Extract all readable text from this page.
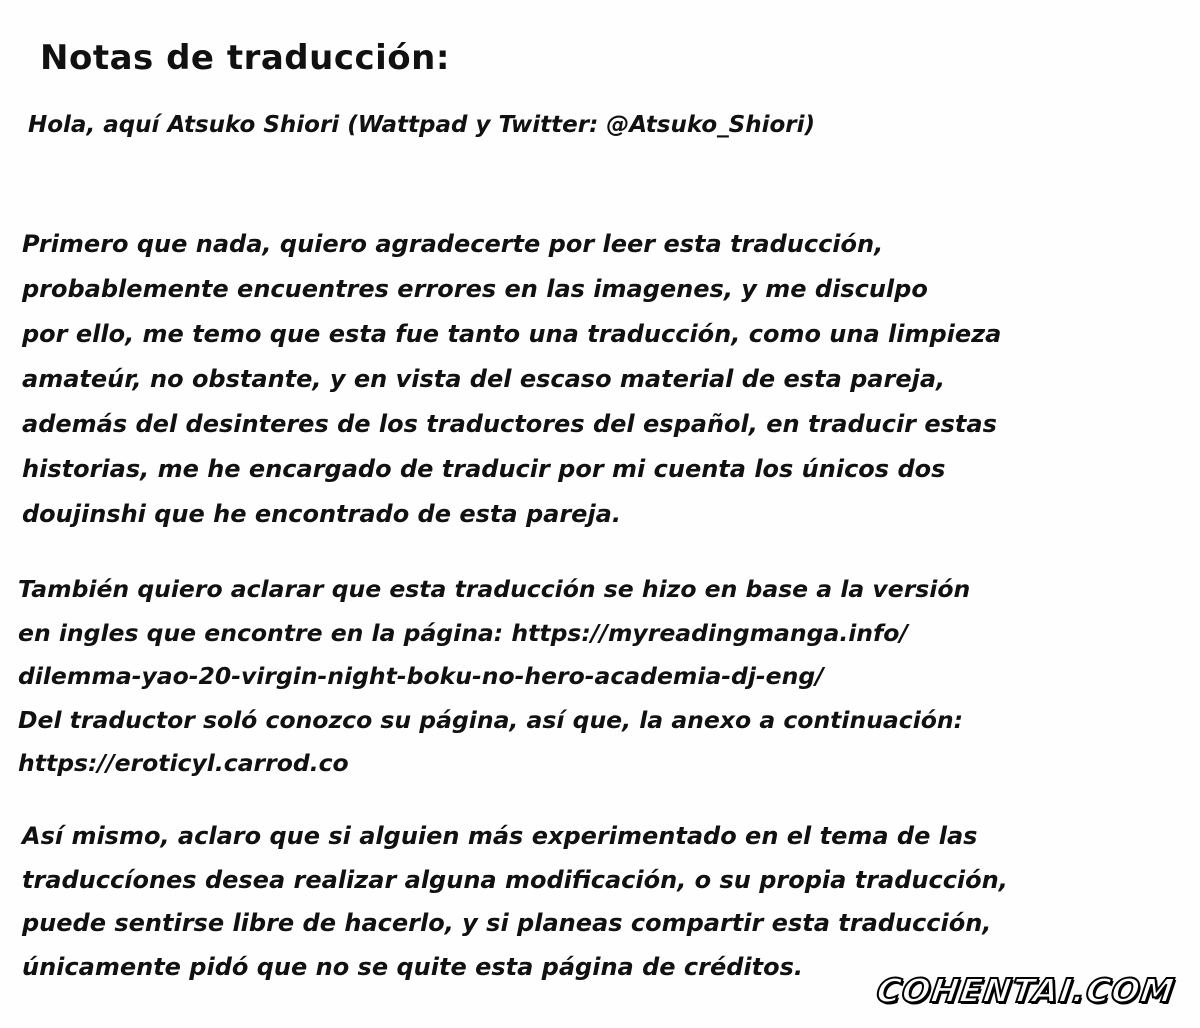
Notas de traducción:
Hola, aquí Atsuko Shiori (Wattpad y Twitter: @Atsuko_Shiori)
Primero que nada, quiero agradecerte por leer esta traducción,
probablemente encuentres errores en las imagenes, y me disculpo
por ello, me temo que esta fue tanto una traducción, como una limpieza
amateúr, no obstante, y en vista del escaso material de esta pareja,
además del desinteres de los traductores del español, en traducir estas
historias, me he encargado de traducir por mi cuenta los únicos dos
doujinshi que he encontrado de esta pareja.
También quiero aclarar que esta traducción se hizo en base a la versión
en ingles que encontre en la página: https://myreadingmanga.info/
dilemma-yao-20-virgin-night-boku-no-hero-academia-dj-eng/
Del traductor soló conozco su página, así que, la anexo a continuación:
https://eroticyl.carrod.co
Así mismo, aclaro que si alguien más experimentado en el tema de las
traduccíones desea realizar alguna modificación, o su propia traducción,
puede sentirse libre de hacerlo, y si planeas compartir esta traducción,
únicamente pidó que no se quite esta página de créditos.
COHENTAI.COM
